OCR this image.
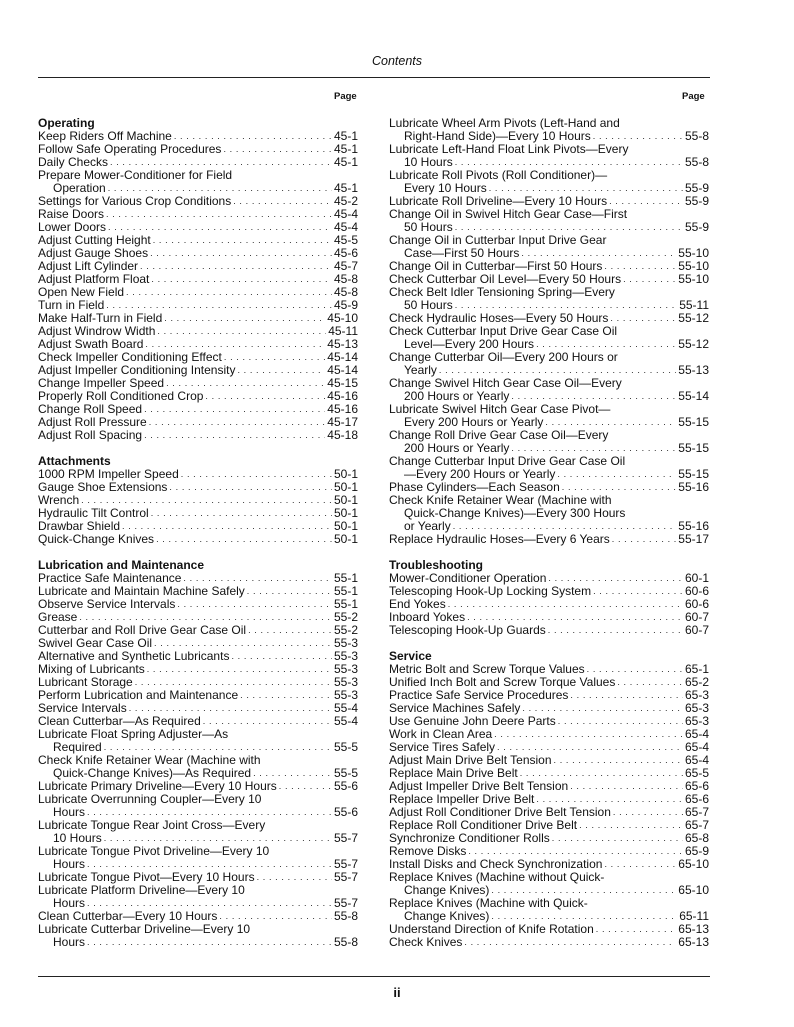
Contents
Page	Page
Operating
Keep Riders Off Machine . . .	45-1
Follow Safe Operating Procedures . . .	45-1
Daily Checks . . .	45-1
Prepare Mower-Conditioner for Field
Operation . . .	45-1
Settings for Various Crop Conditions . . .	45-2
Raise Doors . . .	45-4
Lower Doors . . .	45-4
Adjust Cutting Height . . .	45-5
Adjust Gauge Shoes . . .	45-6
Adjust Lift Cylinder . . .	45-7
Adjust Platform Float . . .	45-8
Open New Field . . .	45-8
Turn in Field . . .	45-9
Make Half-Turn in Field . . .	45-10
Adjust Windrow Width . . .	45-11
Adjust Swath Board . . .	45-13
Check Impeller Conditioning Effect . . .	45-14
Adjust Impeller Conditioning Intensity . . .	45-14
Change Impeller Speed . . .	45-15
Properly Roll Conditioned Crop . . .	45-16
Change Roll Speed . . .	45-16
Adjust Roll Pressure . . .	45-17
Adjust Roll Spacing . . .	45-18
Attachments
1000 RPM Impeller Speed . . .	50-1
Gauge Shoe Extensions . . .	50-1
Wrench . . .	50-1
Hydraulic Tilt Control . . .	50-1
Drawbar Shield . . .	50-1
Quick-Change Knives . . .	50-1
Lubrication and Maintenance
Practice Safe Maintenance . . .	55-1
Lubricate and Maintain Machine Safely . . .	55-1
Observe Service Intervals . . .	55-1
Grease . . .	55-2
Cutterbar and Roll Drive Gear Case Oil . . .	55-2
Swivel Gear Case Oil . . .	55-3
Alternative and Synthetic Lubricants . . .	55-3
Mixing of Lubricants . . .	55-3
Lubricant Storage . . .	55-3
Perform Lubrication and Maintenance . . .	55-3
Service Intervals . . .	55-4
Clean Cutterbar—As Required . . .	55-4
Lubricate Float Spring Adjuster—As
Required . . .	55-5
Check Knife Retainer Wear (Machine with
Quick-Change Knives)—As Required . . .	55-5
Lubricate Primary Driveline—Every 10 Hours . . .	55-6
Lubricate Overrunning Coupler—Every 10
Hours . . .	55-6
Lubricate Tongue Rear Joint Cross—Every
10 Hours . . .	55-7
Lubricate Tongue Pivot Driveline—Every 10
Hours . . .	55-7
Lubricate Tongue Pivot—Every 10 Hours . . .	55-7
Lubricate Platform Driveline—Every 10
Hours . . .	55-7
Clean Cutterbar—Every 10 Hours . . .	55-8
Lubricate Cutterbar Driveline—Every 10
Hours . . .	55-8
Lubricate Wheel Arm Pivots (Left-Hand and
Right-Hand Side)—Every 10 Hours . . .	55-8
Lubricate Left-Hand Float Link Pivots—Every
10 Hours . . .	55-8
Lubricate Roll Pivots (Roll Conditioner)—
Every 10 Hours . . .	55-9
Lubricate Roll Driveline—Every 10 Hours . . .	55-9
Change Oil in Swivel Hitch Gear Case—First
50 Hours . . .	55-9
Change Oil in Cutterbar Input Drive Gear
Case—First 50 Hours . . .	55-10
Change Oil in Cutterbar—First 50 Hours . . .	55-10
Check Cutterbar Oil Level—Every 50 Hours . . .	55-10
Check Belt Idler Tensioning Spring—Every
50 Hours . . .	55-11
Check Hydraulic Hoses—Every 50 Hours . . .	55-12
Check Cutterbar Input Drive Gear Case Oil
Level—Every 200 Hours . . .	55-12
Change Cutterbar Oil—Every 200 Hours or
Yearly . . .	55-13
Change Swivel Hitch Gear Case Oil—Every
200 Hours or Yearly . . .	55-14
Lubricate Swivel Hitch Gear Case Pivot—
Every 200 Hours or Yearly . . .	55-15
Change Roll Drive Gear Case Oil—Every
200 Hours or Yearly . . .	55-15
Change Cutterbar Input Drive Gear Case Oil
—Every 200 Hours or Yearly . . .	55-15
Phase Cylinders—Each Season . . .	55-16
Check Knife Retainer Wear (Machine with
Quick-Change Knives)—Every 300 Hours
or Yearly . . .	55-16
Replace Hydraulic Hoses—Every 6 Years . . .	55-17
Troubleshooting
Mower-Conditioner Operation . . .	60-1
Telescoping Hook-Up Locking System . . .	60-6
End Yokes . . .	60-6
Inboard Yokes . . .	60-7
Telescoping Hook-Up Guards . . .	60-7
Service
Metric Bolt and Screw Torque Values . . .	65-1
Unified Inch Bolt and Screw Torque Values . . .	65-2
Practice Safe Service Procedures . . .	65-3
Service Machines Safely . . .	65-3
Use Genuine John Deere Parts . . .	65-3
Work in Clean Area . . .	65-4
Service Tires Safely . . .	65-4
Adjust Main Drive Belt Tension . . .	65-4
Replace Main Drive Belt . . .	65-5
Adjust Impeller Drive Belt Tension . . .	65-6
Replace Impeller Drive Belt . . .	65-6
Adjust Roll Conditioner Drive Belt Tension . . .	65-7
Replace Roll Conditioner Drive Belt . . .	65-7
Synchronize Conditioner Rolls . . .	65-8
Remove Disks . . .	65-9
Install Disks and Check Synchronization . . .	65-10
Replace Knives (Machine without Quick-
Change Knives) . . .	65-10
Replace Knives (Machine with Quick-
Change Knives) . . .	65-11
Understand Direction of Knife Rotation . . .	65-13
Check Knives . . .	65-13
ii
